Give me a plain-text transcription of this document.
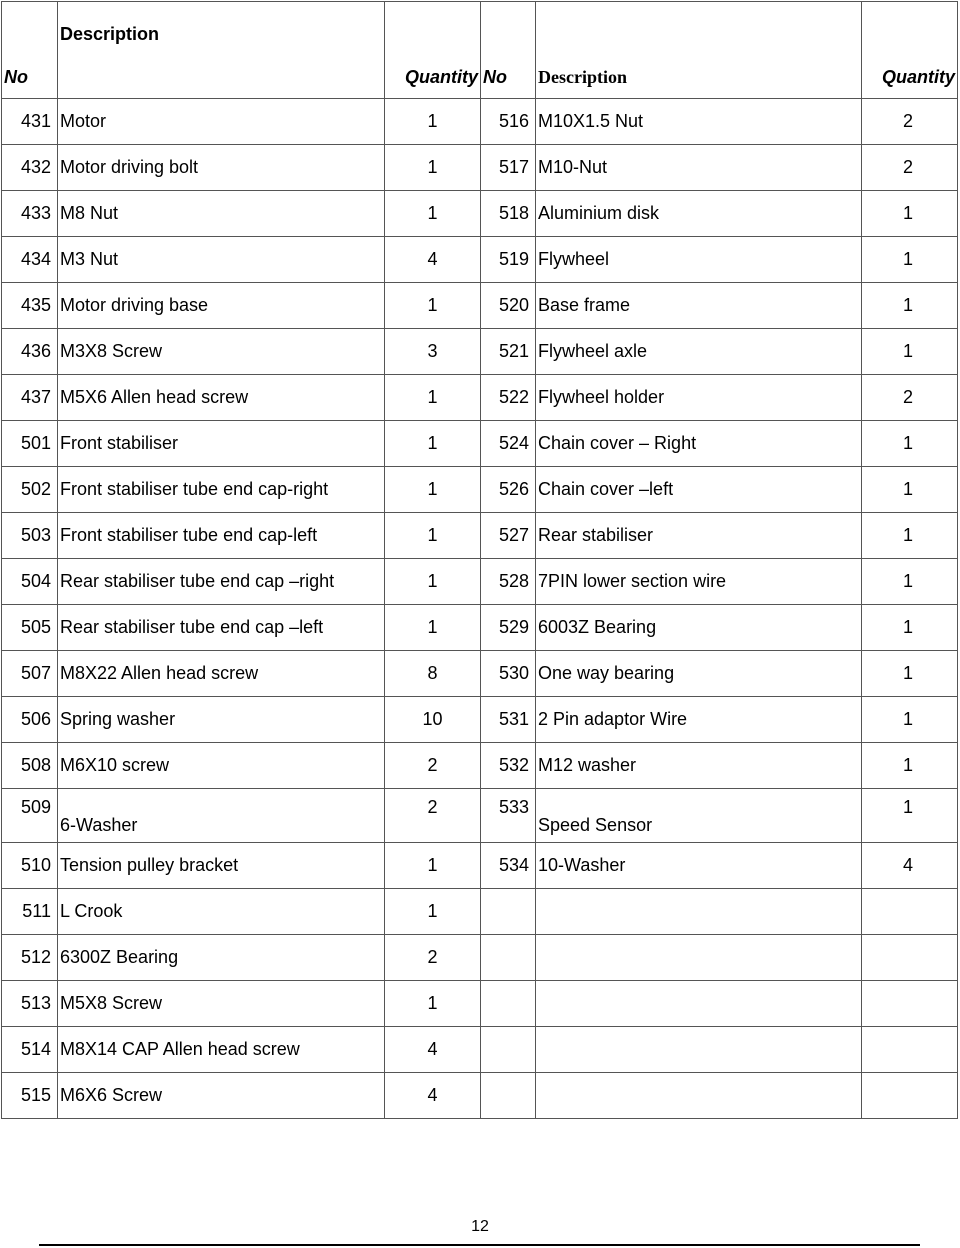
No	Description	Quantity	No	Description	Quantity
431	Motor	1	516	M10X1.5 Nut	2
432	Motor driving bolt	1	517	M10-Nut	2
433	M8 Nut	1	518	Aluminium disk	1
434	M3 Nut	4	519	Flywheel	1
435	Motor driving base	1	520	Base frame	1
436	M3X8 Screw	3	521	Flywheel axle	1
437	M5X6 Allen head screw	1	522	Flywheel holder	2
501	Front stabiliser	1	524	Chain cover – Right	1
502	Front stabiliser tube end cap-right	1	526	Chain cover –left	1
503	Front stabiliser tube end cap-left	1	527	Rear stabiliser	1
504	Rear stabiliser tube end cap –right	1	528	7PIN lower section wire	1
505	Rear stabiliser tube end cap –left	1	529	6003Z Bearing	1
507	M8X22 Allen head screw	8	530	One way bearing	1
506	Spring washer	10	531	2 Pin adaptor Wire	1
508	M6X10 screw	2	532	M12 washer	1
509	6-Washer	2	533	Speed Sensor	1
510	Tension pulley bracket	1	534	10-Washer	4
511	L Crook	1			
512	6300Z Bearing	2			
513	M5X8 Screw	1			
514	M8X14 CAP Allen head screw	4			
515	M6X6 Screw	4			
12
